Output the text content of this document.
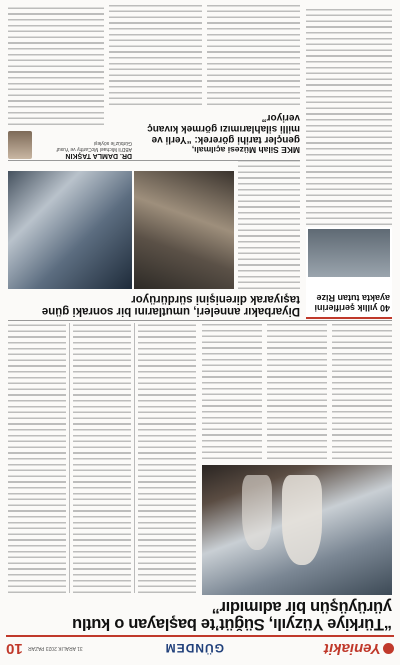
Yeniakit
GÜNDEM
31 ARALIK 2023 PAZAR
10
“Türkiye Yüzyılı, Süğüt’te başlayan o kutlu yürüyüşün bir adımıdır”
40 yıllık şeriflerini ayakta tutan Rize
Diyarbakır anneleri, umutlarını bir sonraki güne taşıyarak direnişini sürdürüyor
MKE Silah Müzesi açılmalı,
gençler tarihi görerek: “Yerli ve milli silahlarımızı görmek kıvanç veriyor”
DR. DAMLA TAŞKIN
ABD’li Michael McCarthy ve Yusuf Gürbüz’le söyleşi
